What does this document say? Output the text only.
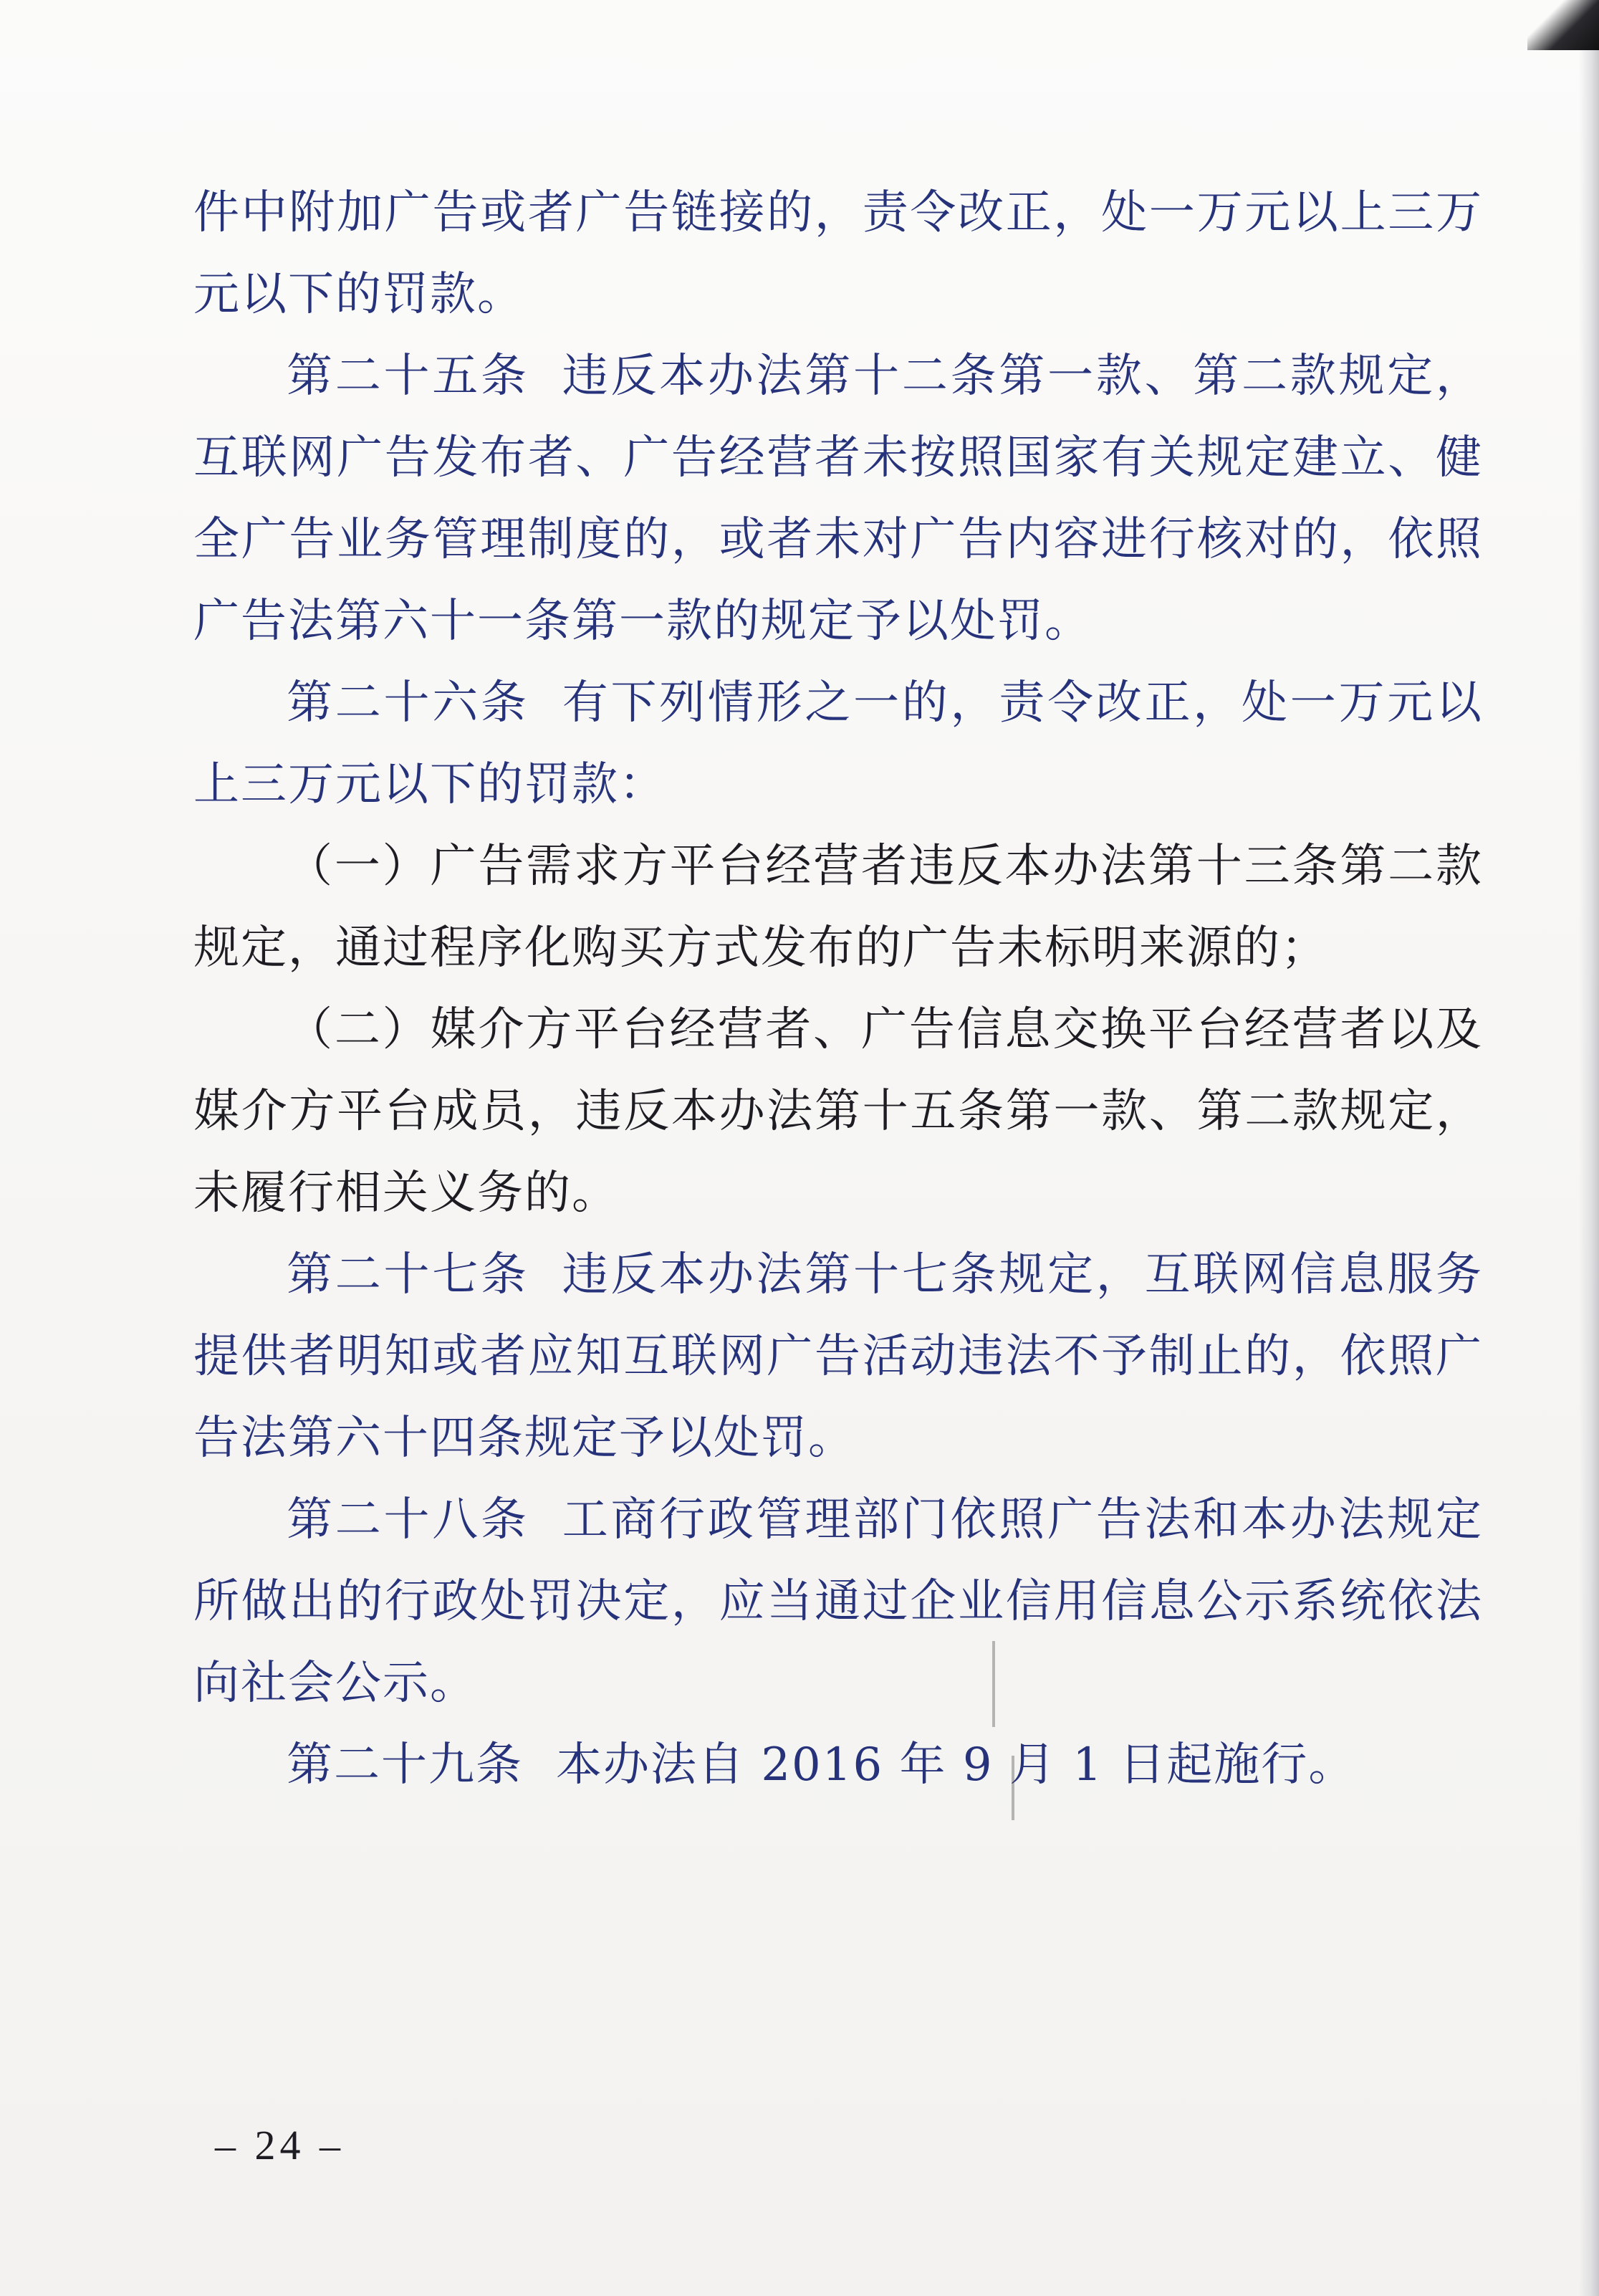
件中附加广告或者广告链接的，责令改正，处一万元以上三万元以下的罚款。

第二十五条 违反本办法第十二条第一款、第二款规定，互联网广告发布者、广告经营者未按照国家有关规定建立、健全广告业务管理制度的，或者未对广告内容进行核对的，依照广告法第六十一条第一款的规定予以处罚。

第二十六条 有下列情形之一的，责令改正，处一万元以上三万元以下的罚款：

（一）广告需求方平台经营者违反本办法第十三条第二款规定，通过程序化购买方式发布的广告未标明来源的；

（二）媒介方平台经营者、广告信息交换平台经营者以及媒介方平台成员，违反本办法第十五条第一款、第二款规定，未履行相关义务的。

第二十七条 违反本办法第十七条规定，互联网信息服务提供者明知或者应知互联网广告活动违法不予制止的，依照广告法第六十四条规定予以处罚。

第二十八条 工商行政管理部门依照广告法和本办法规定所做出的行政处罚决定，应当通过企业信用信息公示系统依法向社会公示。

第二十九条 本办法自 2016 年 9 月 1 日起施行。

– 24 –
